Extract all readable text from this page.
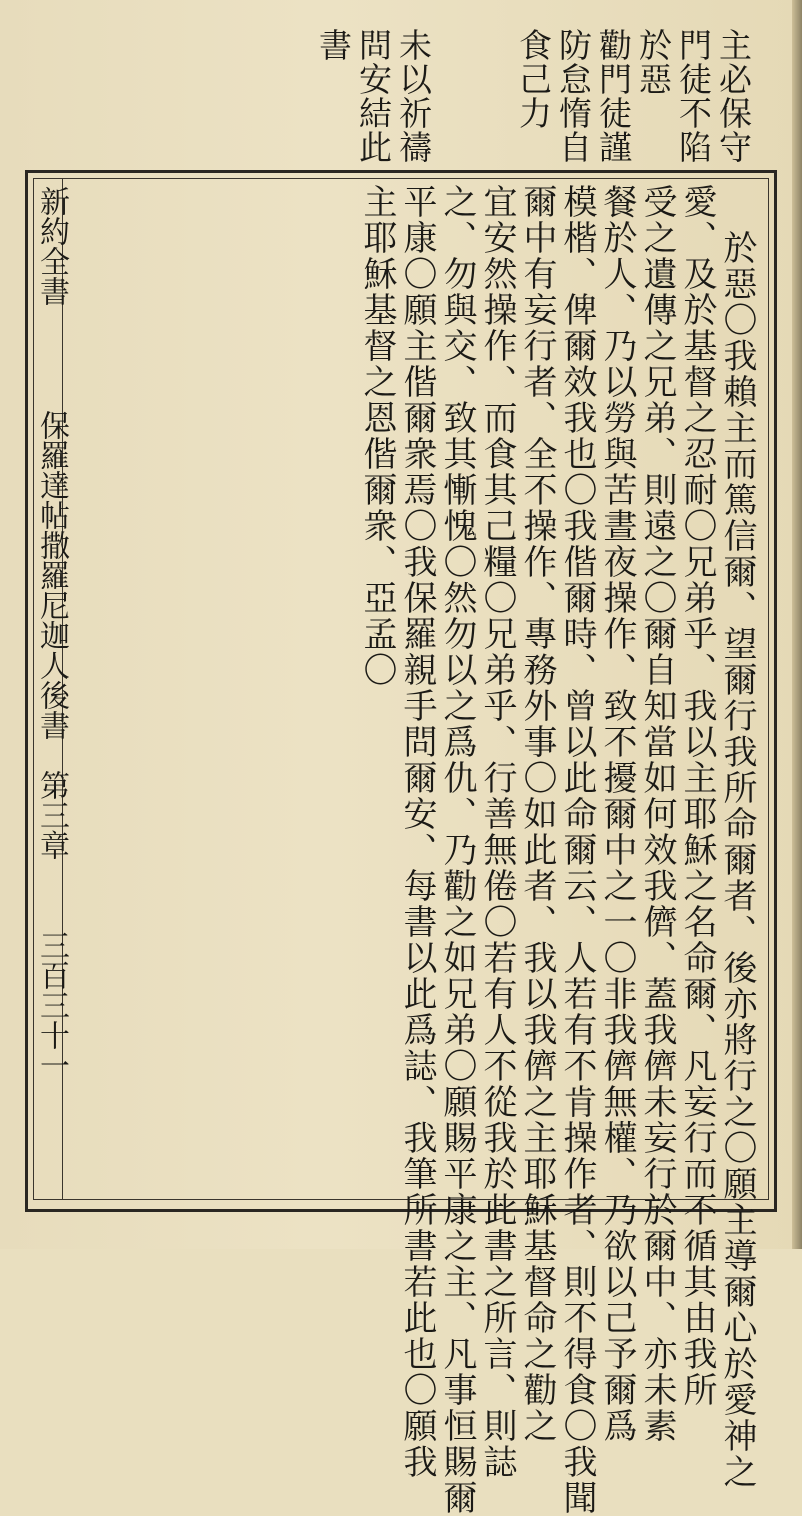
主必保守
門徒不陷
於惡
勸門徒謹
防怠惰自
食己力
未以祈禱
問安結此
書
於惡〇我賴主而篤信爾、望爾行我所命爾者、後亦將行之〇願主導爾心於愛神之
愛、及於基督之忍耐〇兄弟乎、我以主耶穌之名命爾、凡妄行而不循其由我所
受之遺傳之兄弟、則遠之〇爾自知當如何效我儕、蓋我儕未妄行於爾中、亦未素
餐於人、乃以勞與苦晝夜操作、致不擾爾中之一〇非我儕無權、乃欲以己予爾爲
模楷、俾爾效我也〇我偕爾時、曾以此命爾云、人若有不肯操作者、則不得食〇我聞
爾中有妄行者、全不操作、專務外事〇如此者、我以我儕之主耶穌基督命之勸之
宜安然操作、而食其己糧〇兄弟乎、行善無倦〇若有人不從我於此書之所言、則誌
之、勿與交、致其慚愧〇然勿以之爲仇、乃勸之如兄弟〇願賜平康之主、凡事恒賜爾
平康〇願主偕爾衆焉〇我保羅親手問爾安、每書以此爲誌、我筆所書若此也〇願我
主耶穌基督之恩偕爾衆、亞孟〇
新約全書
保羅達帖撒羅尼迦人後書　第三章
三百三十一
